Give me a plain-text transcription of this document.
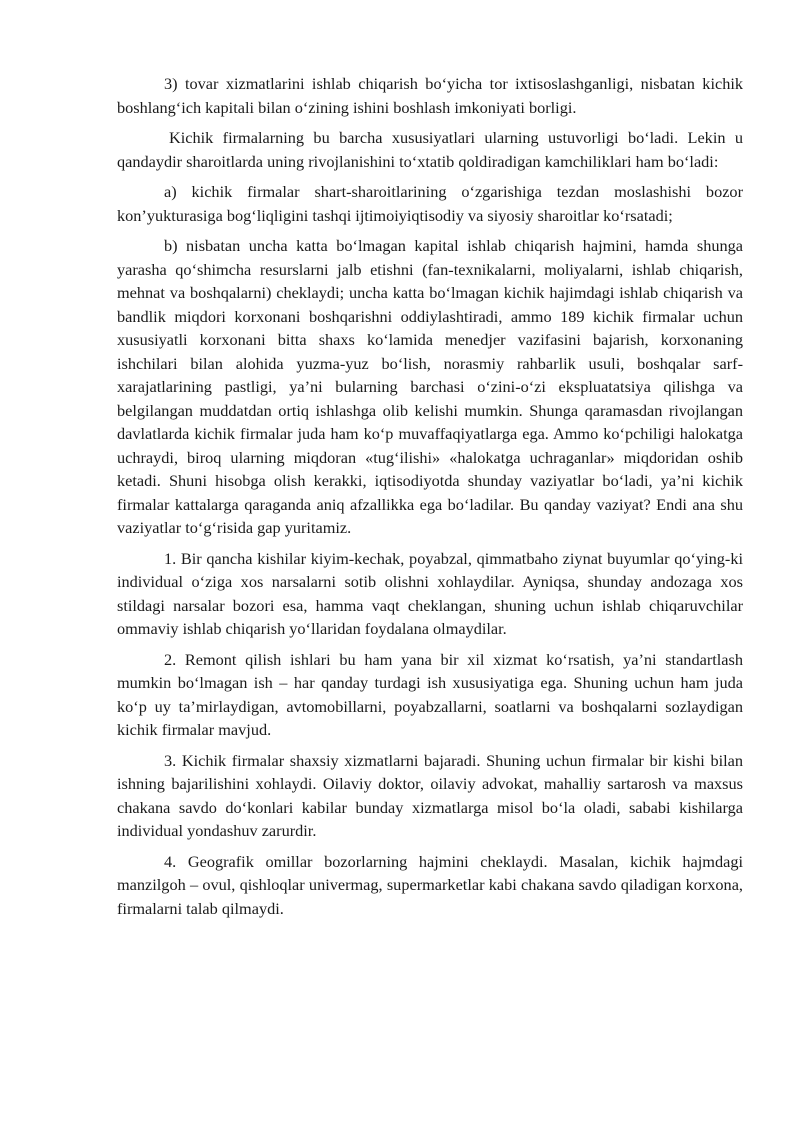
3) tovar xizmatlarini ishlab chiqarish bo‘yicha tor ixtisoslashganligi, nisbatan kichik boshlang‘ich kapitali bilan o‘zining ishini boshlash imkoniyati borligi.

Kichik firmalarning bu barcha xususiyatlari ularning ustuvorligi bo‘ladi. Lekin u qandaydir sharoitlarda uning rivojlanishini to‘xtatib qoldiradigan kamchiliklari ham bo‘ladi:

a) kichik firmalar shart-sharoitlarining o‘zgarishiga tezdan moslashishi bozor kon’yukturasiga bog‘liqligini tashqi ijtimoiyiqtisodiy va siyosiy sharoitlar ko‘rsatadi;

b) nisbatan uncha katta bo‘lmagan kapital ishlab chiqarish hajmini, hamda shunga yarasha qo‘shimcha resurslarni jalb etishni (fan-texnikalarni, moliyalarni, ishlab chiqarish, mehnat va boshqalarni) cheklaydi; uncha katta bo‘lmagan kichik hajimdagi ishlab chiqarish va bandlik miqdori korxonani boshqarishni oddiylashtiradi, ammo 189 kichik firmalar uchun xususiyatli korxonani bitta shaxs ko‘lamida menedjer vazifasini bajarish, korxonaning ishchilari bilan alohida yuzma-yuz bo‘lish, norasmiy rahbarlik usuli, boshqalar sarf-xarajatlarining pastligi, ya’ni bularning barchasi o‘zini-o‘zi ekspluatatsiya qilishga va belgilangan muddatdan ortiq ishlashga olib kelishi mumkin. Shunga qaramasdan rivojlangan davlatlarda kichik firmalar juda ham ko‘p muvaffaqiyatlarga ega. Ammo ko‘pchiligi halokatga uchraydi, biroq ularning miqdoran «tug‘ilishi» «halokatga uchraganlar» miqdoridan oshib ketadi. Shuni hisobga olish kerakki, iqtisodiyotda shunday vaziyatlar bo‘ladi, ya’ni kichik firmalar kattalarga qaraganda aniq afzallikka ega bo‘ladilar. Bu qanday vaziyat? Endi ana shu vaziyatlar to‘g‘risida gap yuritamiz.

1. Bir qancha kishilar kiyim-kechak, poyabzal, qimmatbaho ziynat buyumlar qo‘ying-ki individual o‘ziga xos narsalarni sotib olishni xohlaydilar. Ayniqsa, shunday andozaga xos stildagi narsalar bozori esa, hamma vaqt cheklangan, shuning uchun ishlab chiqaruvchilar ommaviy ishlab chiqarish yo‘llaridan foydalana olmaydilar.

2. Remont qilish ishlari bu ham yana bir xil xizmat ko‘rsatish, ya’ni standartlash mumkin bo‘lmagan ish – har qanday turdagi ish xususiyatiga ega. Shuning uchun ham juda ko‘p uy ta’mirlaydigan, avtomobillarni, poyabzallarni, soatlarni va boshqalarni sozlaydigan kichik firmalar mavjud.

3. Kichik firmalar shaxsiy xizmatlarni bajaradi. Shuning uchun firmalar bir kishi bilan ishning bajarilishini xohlaydi. Oilaviy doktor, oilaviy advokat, mahalliy sartarosh va maxsus chakana savdo do‘konlari kabilar bunday xizmatlarga misol bo‘la oladi, sababi kishilarga individual yondashuv zarurdir.

4. Geografik omillar bozorlarning hajmini cheklaydi. Masalan, kichik hajmdagi manzilgoh – ovul, qishloqlar univermag, supermarketlar kabi chakana savdo qiladigan korxona, firmalarni talab qilmaydi.
